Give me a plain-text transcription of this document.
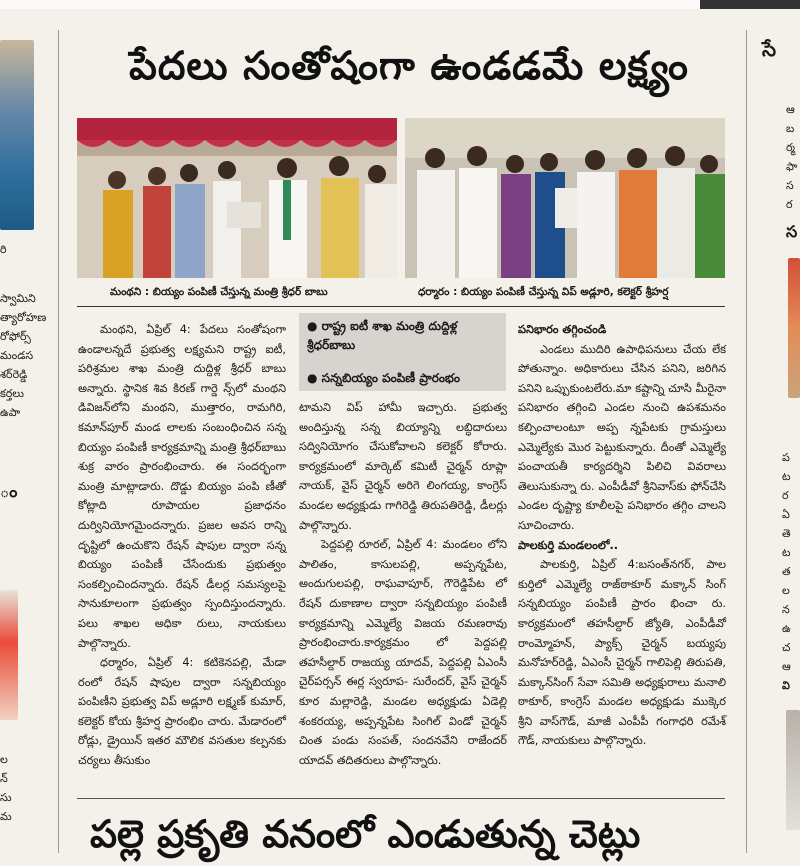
రి
స్వామిని
త్యారోహణ
రోఫోర్స్‌
మండస
శర్‌రెడ్డి
కర్తలు
ఉపా
ం
ల
న్‌
సు
మ
సే
ఆ
బ
ర్మ
ఫా
స
ర
స
ప
ట
ర
ఏ
తె
ట
త
ల
న
ఉ
చ
ఆ
వి
పేదలు సంతోషంగా ఉండడమే లక్ష్యం
మంథని : బియ్యం పంపిణీ చేస్తున్న మంత్రి శ్రీధర్‌ బాబు	ధర్మారం : బియ్యం పంపిణీ చేస్తున్న విప్‌ అడ్లూరి, కలెక్టర్‌ శ్రీహర్ష
● రాష్ట్ర ఐటీ శాఖ మంత్రి దుద్దిళ్ల శ్రీధర్‌బాబు
● సన్నబియ్యం పంపిణీ ప్రారంభం

మంథని, ఏప్రిల్‌ 4: పేదలు సంతోషంగా ఉండాలన్నదే ప్రభుత్వ లక్ష్యమని రాష్ట్ర ఐటీ, పరిశ్రమల శాఖ మంత్రి దుద్దిళ్ల శ్రీధర్‌ బాబు అన్నారు. స్థానిక శివ కిరణ్‌ గార్డె న్స్‌లో మంథని డివిజన్‌లోని మంథని, ముత్తారం, రామగిరి, కమాన్‌పూర్‌ మండ లాలకు సంబంధించిన సన్న బియ్యం పంపిణీ కార్యక్రమాన్ని మంత్రి శ్రీధర్‌బాబు శుక్ర వారం ప్రారంభించారు. ఈ సందర్భంగా మంత్రి మాట్లాడారు. దొడ్డు బియ్యం పంపి ణీతో కోట్లాది రూపాయల ప్రజాధనం దుర్వినియోగమైందన్నారు. ప్రజల అవస రాన్ని దృష్టిలో ఉంచుకొని రేషన్‌ షాపుల ద్వారా సన్న బియ్యం పంపిణీ చేసేందుకు ప్రభుత్వం సంకల్పించిందన్నారు. రేషన్‌ డీలర్ల సమస్యలపై సానుకూలంగా ప్రభుత్వం స్పందిస్తుందన్నారు. పలు శాఖల అధికా రులు, నాయకులు పాల్గొన్నారు.

ధర్మారం, ఏప్రిల్‌ 4: కటికెనపల్లి, మేడా రంలో రేషన్‌ షాపుల ద్వారా సన్నబియ్యం పంపిణీని ప్రభుత్వ విప్‌ అడ్లూరి లక్ష్మణ్‌ కుమార్‌, కలెక్టర్‌ కోయ శ్రీహర్ష ప్రారంభిం చారు. మేడారంలో రోడ్లు, డ్రైయిన్‌ ఇతర మౌలిక వసతుల కల్పనకు చర్యలు తీసుకుం

టామని విప్‌ హామీ ఇచ్చారు. ప్రభుత్వ అందిస్తున్న సన్న బియ్యాన్ని లబ్ధిదారులు సద్వినియోగం చేసుకోవాలని కలెక్టర్‌ కోరారు. కార్యక్రమంలో మార్కెట్‌ కమిటీ చైర్మన్‌ రూప్లా నాయక్‌, వైస్‌ చైర్మన్‌ అరిగె లింగయ్య, కాంగ్రెస్‌ మండల అధ్యక్షుడు గాగిరెడ్డి తిరుపతిరెడ్డి, డీలర్లు పాల్గొన్నారు.

పెద్దపల్లి రూరల్‌, ఏప్రిల్‌ 4: మండలం లోని పాలితం, కాసులపల్లి, అప్పన్నపేట, అందుగులపల్లి, రాఘవాపూర్‌, గౌరెడ్డిపేట లో రేషన్‌ దుకాణాల ద్వారా సన్నబియ్యం పంపిణీ కార్యక్రమాన్ని ఎమ్మెల్యే విజయ రమణరావు ప్రారంభించారు.కార్యక్రమం లో పెద్దపల్లి తహసీల్దార్‌ రాజయ్య యాదవ్‌, పెద్దపల్లి ఏఎంసీ చైర్‌పర్సన్‌ ఈర్ల స్వరూప- సురేందర్‌, వైస్‌ చైర్మన్‌ కూర మల్లారెడ్డి, మండల అధ్యక్షుడు ఏడెల్లి శంకరయ్య, అప్పన్నపేట సింగిల్‌ విండో చైర్మన్‌ చింత పండు సంపత్‌, సందనవేని రాజేందర్‌ యాదవ్‌ తదితరులు పాల్గొన్నారు.

పనిభారం తగ్గించండి

ఎండలు ముదిరి ఉపాధిపనులు చేయ లేక పోతున్నాం. అధికారులు చేసిన పనిని, జరిగిన పనిని ఒప్పుకుంటలేరు.మా కష్టాన్ని చూసి మీరైనా పనిభారం తగ్గించి ఎండల నుంచి ఉపశమనం కల్పించాలంటూ అప్ప న్నపేటకు గ్రామస్తులు ఎమ్మెల్యేకు మొర పెట్టుకున్నారు. దీంతో ఎమ్మెల్యే పంచాయతీ కార్యదర్శిని పిలిచి వివరాలు తెలుసుకున్నా రు. ఎంపీడీవో శ్రీనివాస్‌కు ఫోన్‌చేసి ఎండల దృష్ట్యా కూలీలపై పనిభారం తగ్గిం చాలని సూచించారు.

పాలకుర్తి మండలంలో..

పాలకుర్తి, ఏప్రిల్‌ 4:బసంత్‌నగర్‌, పాల కుర్తిలో ఎమ్మెల్యే రాజ్‌ఠాకూర్‌ మక్కాన్‌ సింగ్‌ సన్నబియ్యం పంపిణీ ప్రారం భించా రు. కార్యక్రమంలో తహసీల్దార్‌ జ్యోతి, ఎంపీడీవో రాంమ్మోహన్‌, ప్యాక్స్‌ చైర్మన్‌ బయ్యపు మనోహర్‌రెడ్డి, ఏఎంసీ చైర్మన్‌ గాలిపెల్లి తిరుపతి, మక్కాన్‌సింగ్‌ సేవా సమితి అధ్యక్షురాలు మనాలి ఠాకూర్‌, కాంగ్రెస్‌ మండల అధ్యక్షుడు ముక్కెర శ్రీని వాస్‌గౌడ్‌, మాజీ ఎంపీపీ గంగాధరి రమేశ్‌ గౌడ్‌, నాయకులు పాల్గొన్నారు.

పల్లె ప్రకృతి వనంలో ఎండుతున్న చెట్లు
